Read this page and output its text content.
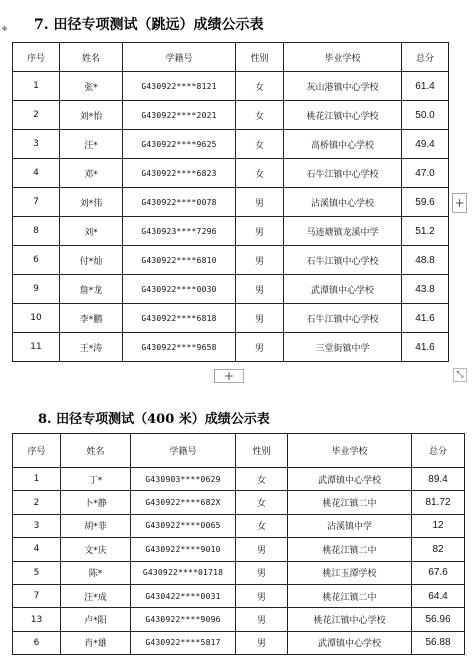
✥ 7. 田径专项测试（跳远）成绩公示表
序号	姓名	学籍号	性别	毕业学校	总分
1	张*	G430922****8121	女	灰山港镇中心学校	61.4
2	刘*怡	G430922****2021	女	桃花江镇中心学校	50.0
3	汪*	G430922****9625	女	高桥镇中心学校	49.4
4	邓*	G430922****6823	女	石牛江镇中心学校	47.0
7	刘*伟	G430922****0078	男	沾溪镇中心学校	59.6
8	刘*	G430923****7296	男	马迹塘镇龙溪中学	51.2
6	付*灿	G430922****6810	男	石牛江镇中心学校	48.8
9	詹*龙	G430922****0030	男	武潭镇中心学校	43.8
10	李*鹏	G430922****6818	男	石牛江镇中心学校	41.6
11	王*涛	G430922****9658	男	三堂街镇中学	41.6
+
+	⤡
8. 田径专项测试（400 米）成绩公示表
序号	姓名	学籍号	性别	毕业学校	总分
1	丁*	G430903****0629	女	武潭镇中心学校	89.4
2	卜*静	G430922****682X	女	桃花江镇二中	81.72
3	胡*菲	G430922****0065	女	沾溪镇中学	12
4	文*庆	G430922****9010	男	桃花江镇二中	82
5	陈*	G430922****01718	男	桃江玉潭学校	67.6
7	汪*成	G430422****0031	男	桃花江镇二中	64.4
13	卢*阳	G430922****9096	男	桃花江镇中心学校	56.96
6	肖*雄	G430922****5817	男	武潭镇中心学校	56.88
